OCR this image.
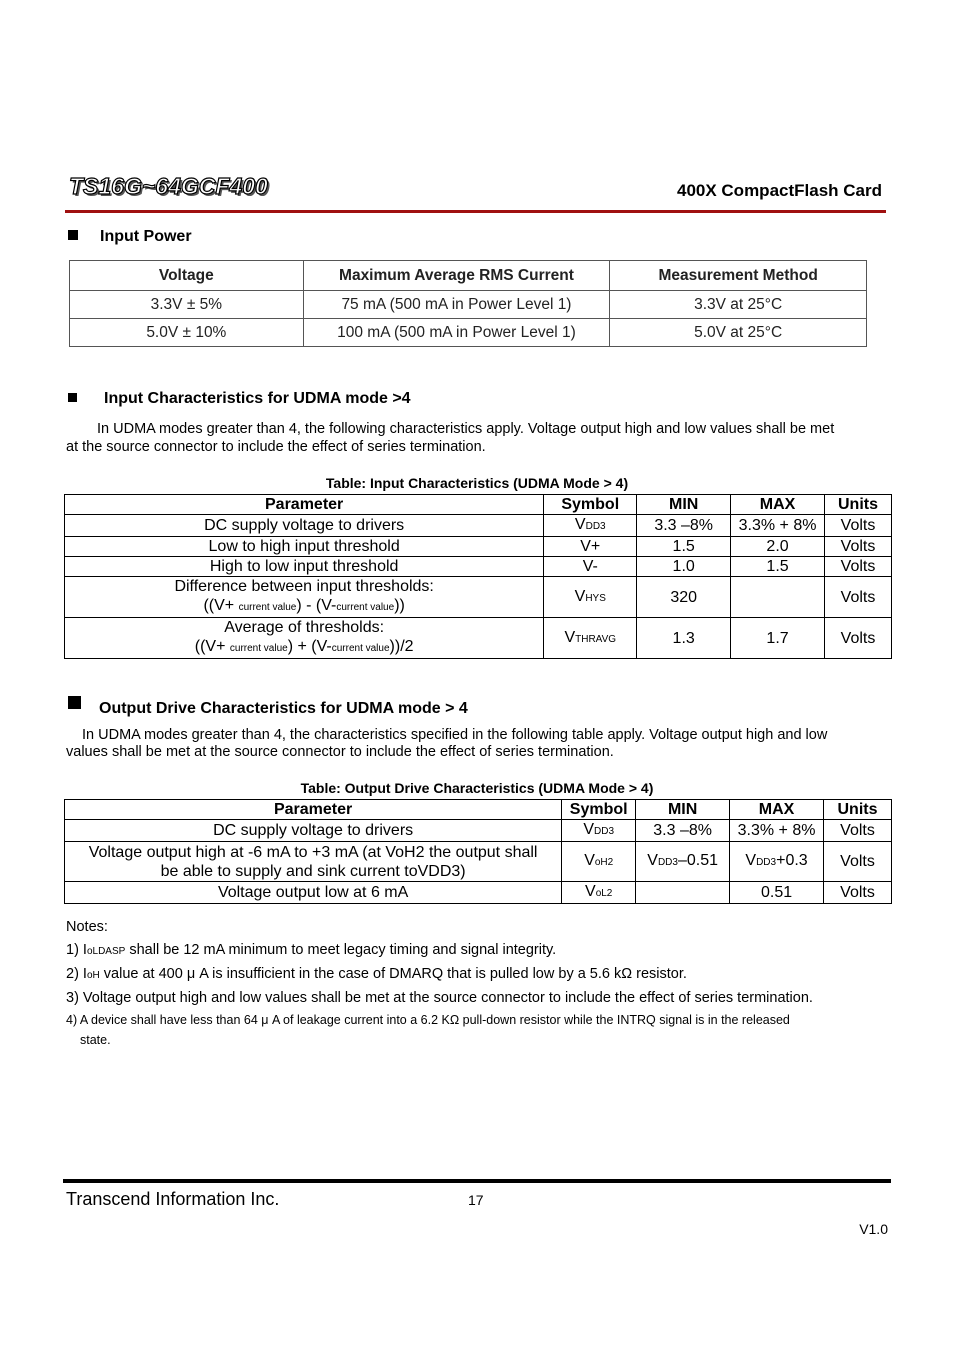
TS16G~64GCF400	400X CompactFlash Card
Input Power
Voltage	Maximum Average RMS Current	Measurement Method
3.3V ± 5%	75 mA (500 mA in Power Level 1)	3.3V at 25°C
5.0V ± 10%	100 mA (500 mA in Power Level 1)	5.0V at 25°C
Input Characteristics for UDMA mode >4
In UDMA modes greater than 4, the following characteristics apply. Voltage output high and low values shall be met
at the source connector to include the effect of series termination.
Table: Input Characteristics (UDMA Mode > 4)
Parameter	Symbol	MIN	MAX	Units
DC supply voltage to drivers	VDD3	3.3 –8%	3.3% + 8%	Volts
Low to high input threshold	V+	1.5	2.0	Volts
High to low input threshold	V-	1.0	1.5	Volts

Difference between input thresholds:
((V+ current value) - (V-current value))	VHYS	320		Volts

Average of thresholds:
((V+ current value) + (V-current value))/2	VTHRAVG	1.3	1.7	Volts
Output Drive Characteristics for UDMA mode > 4
In UDMA modes greater than 4, the characteristics specified in the following table apply. Voltage output high and low
values shall be met at the source connector to include the effect of series termination.
Table: Output Drive Characteristics (UDMA Mode > 4)
Parameter	Symbol	MIN	MAX	Units
DC supply voltage to drivers	VDD3	3.3 –8%	3.3% + 8%	Volts

Voltage output high at -6 mA to +3 mA (at VoH2 the output shall
be able to supply and sink current toVDD3)	VoH2	VDD3–0.51	VDD3+0.3	Volts
Voltage output low at 6 mA	VoL2		0.51	Volts
Notes:
1) IoLDASP shall be 12 mA minimum to meet legacy timing and signal integrity.
2) IoH value at 400 μ A is insufficient in the case of DMARQ that is pulled low by a 5.6 kΩ resistor.
3) Voltage output high and low values shall be met at the source connector to include the effect of series termination.
4) A device shall have less than 64 μ A of leakage current into a 6.2 KΩ pull-down resistor while the INTRQ signal is in the released
state.
Transcend Information Inc.	17
V1.0
